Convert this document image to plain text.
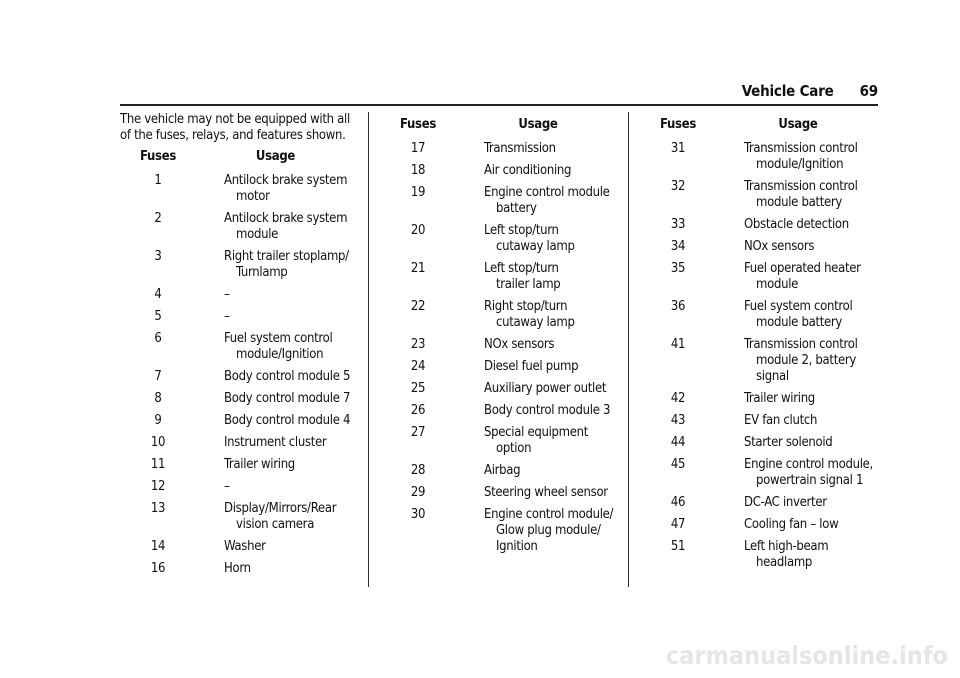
Vehicle Care 69
The vehicle may not be equipped with all of the fuses, relays, and features shown.
Fuses	Usage
1	Antilock brake system
motor
2	Antilock brake system
module
3	Right trailer stoplamp/
Turnlamp
4	–
5	–
6	Fuel system control
module/Ignition
7	Body control module 5
8	Body control module 7
9	Body control module 4
10	Instrument cluster
11	Trailer wiring
12	–
13	Display/Mirrors/Rear
vision camera
14	Washer
16	Horn
Fuses	Usage
17	Transmission
18	Air conditioning
19	Engine control module
battery
20	Left stop/turn
cutaway lamp
21	Left stop/turn
trailer lamp
22	Right stop/turn
cutaway lamp
23	NOx sensors
24	Diesel fuel pump
25	Auxiliary power outlet
26	Body control module 3
27	Special equipment
option
28	Airbag
29	Steering wheel sensor
30	Engine control module/
Glow plug module/
Ignition
Fuses	Usage
31	Transmission control
module/Ignition
32	Transmission control
module battery
33	Obstacle detection
34	NOx sensors
35	Fuel operated heater
module
36	Fuel system control
module battery
41	Transmission control
module 2, battery
signal
42	Trailer wiring
43	EV fan clutch
44	Starter solenoid
45	Engine control module,
powertrain signal 1
46	DC-AC inverter
47	Cooling fan – low
51	Left high-beam
headlamp
carmanualsonline.info
